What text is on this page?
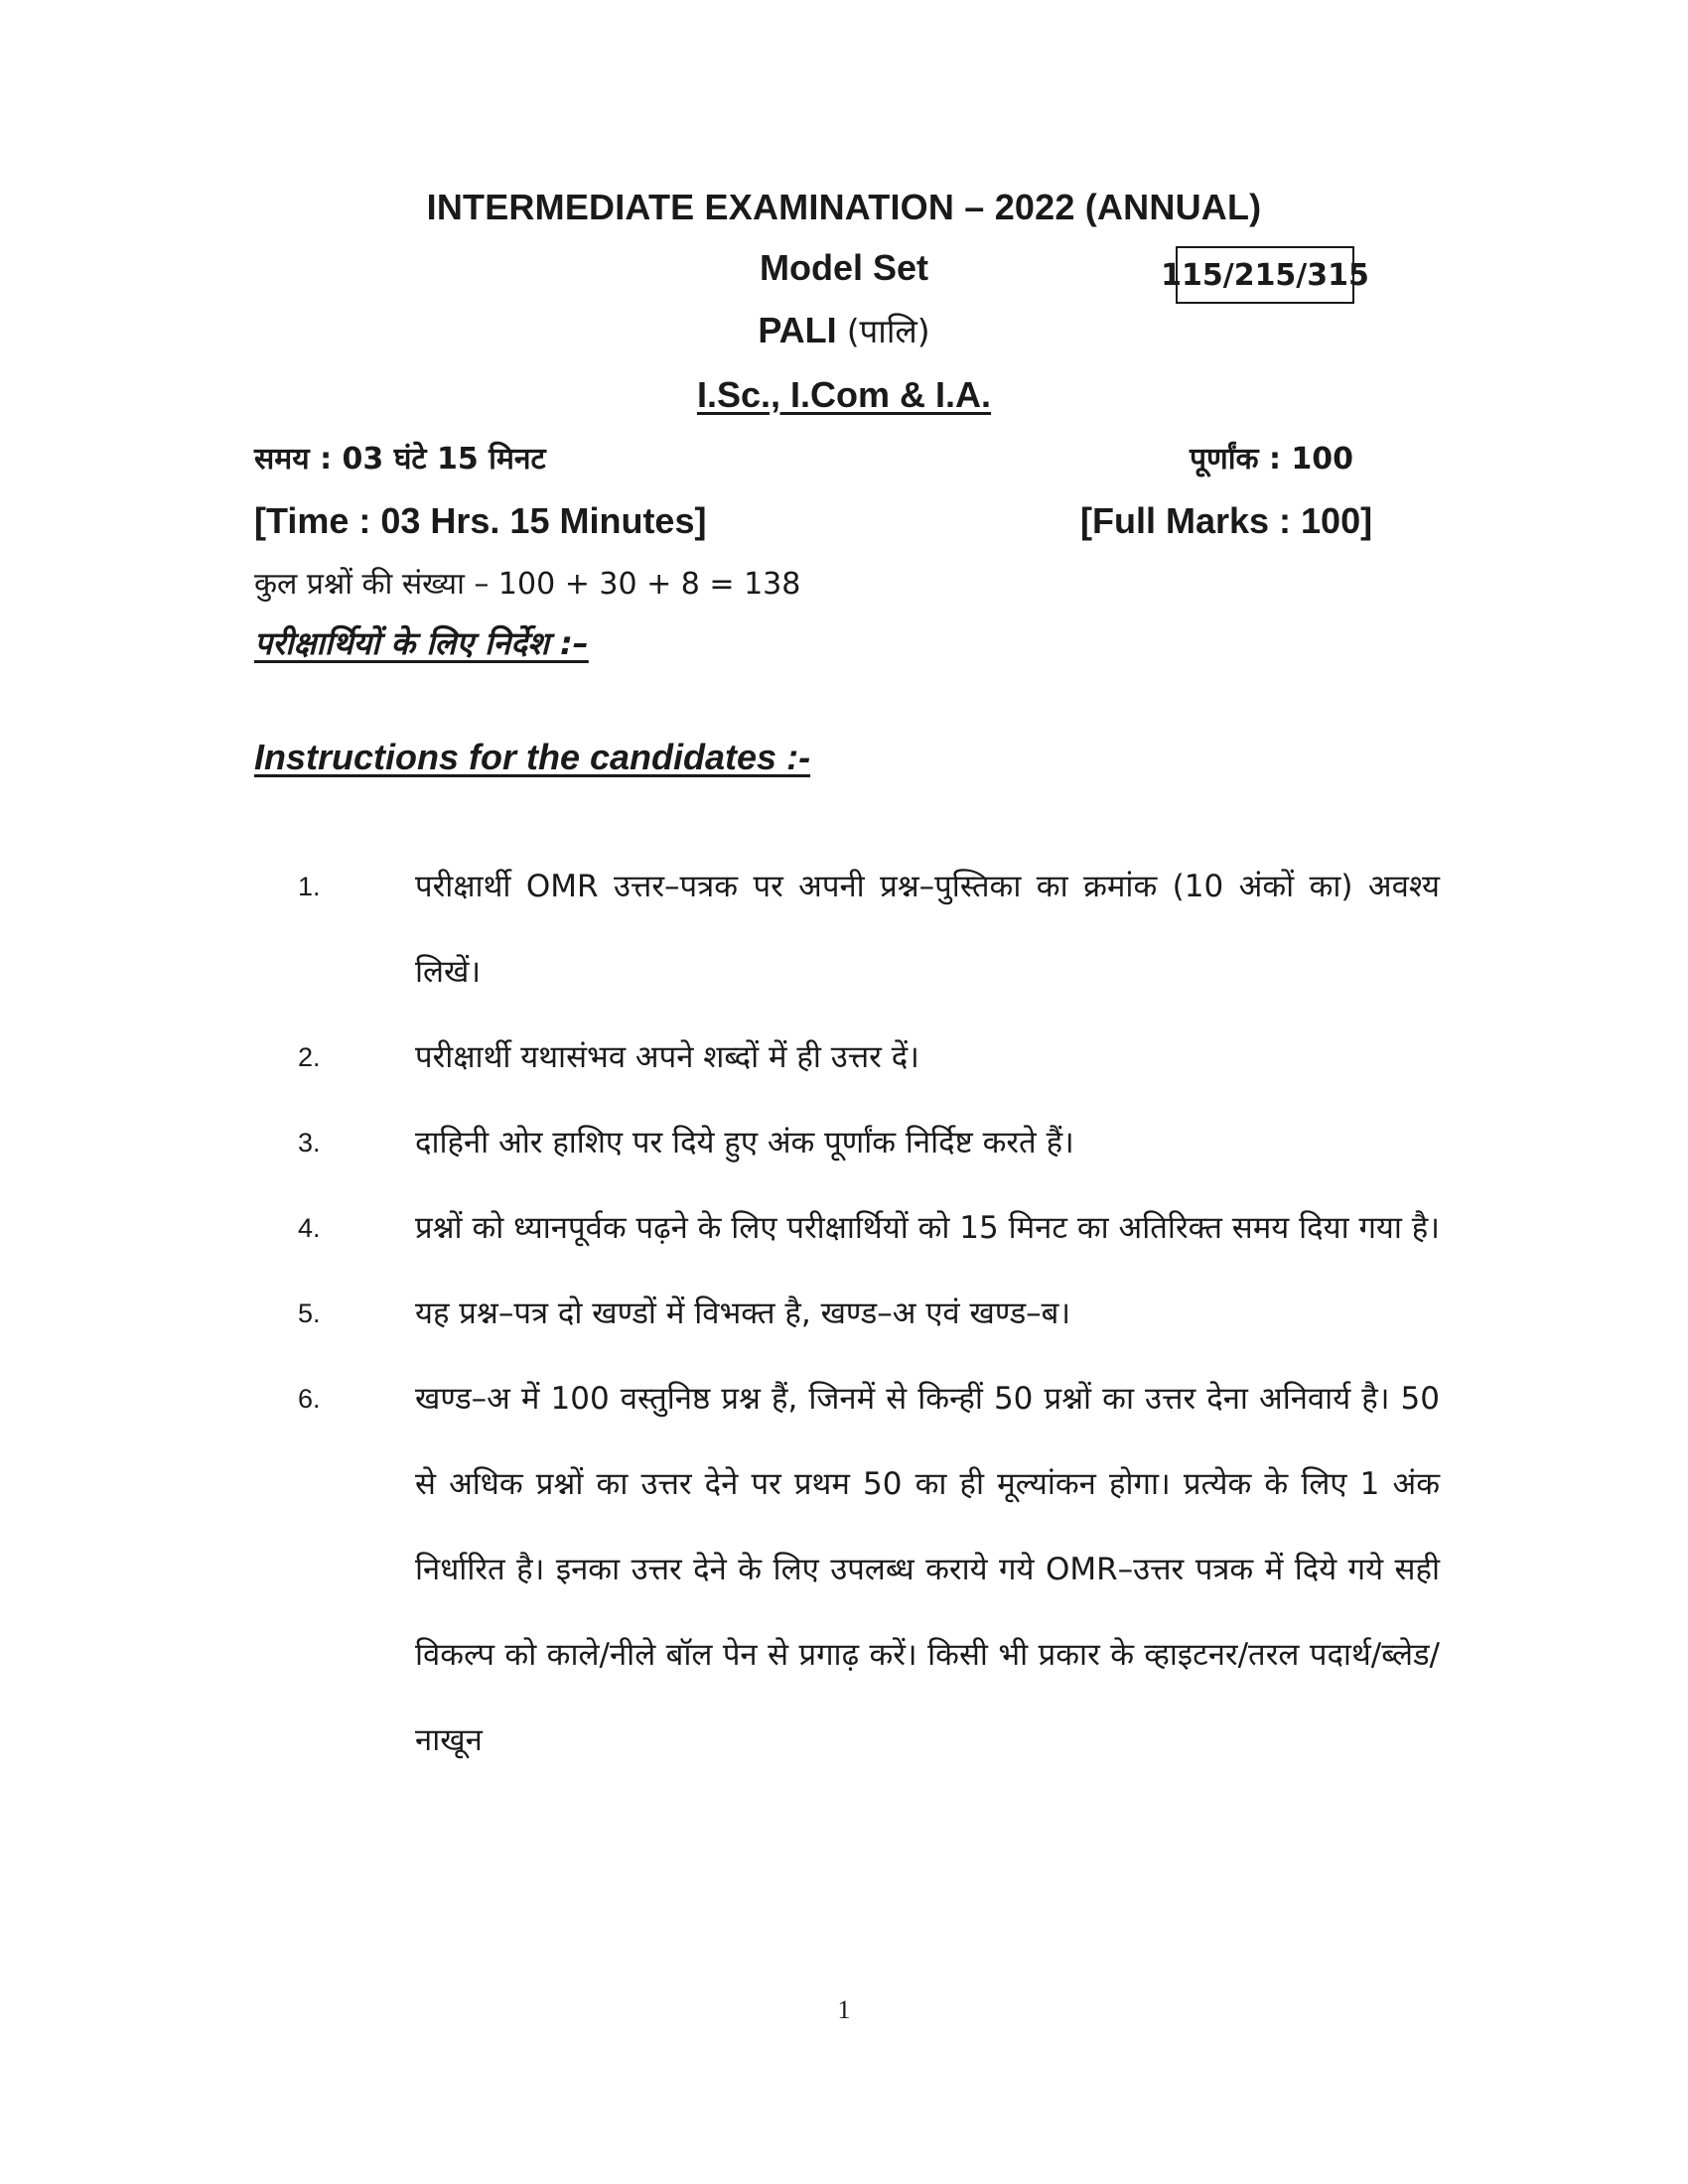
INTERMEDIATE EXAMINATION – 2022 (ANNUAL)
Model Set	115/215/315
PALI (पालि)
I.Sc., I.Com & I.A.
समय : 03 घंटे 15 मिनट	पूर्णांक : 100
[Time : 03 Hrs. 15 Minutes]	[Full Marks : 100]
कुल प्रश्नों की संख्या – 100 + 30 + 8 = 138
परीक्षार्थियों के लिए निर्देश :–
Instructions for the candidates :-
1.	परीक्षार्थी OMR उत्तर–पत्रक पर अपनी प्रश्न–पुस्तिका का क्रमांक (10 अंकों का) अवश्य लिखें।
2.	परीक्षार्थी यथासंभव अपने शब्दों में ही उत्तर दें।
3.	दाहिनी ओर हाशिए पर दिये हुए अंक पूर्णांक निर्दिष्ट करते हैं।
4.	प्रश्नों को ध्यानपूर्वक पढ़ने के लिए परीक्षार्थियों को 15 मिनट का अतिरिक्त समय दिया गया है।
5.	यह प्रश्न–पत्र दो खण्डों में विभक्त है, खण्ड–अ एवं खण्ड–ब।
6.	खण्ड–अ में 100 वस्तुनिष्ठ प्रश्न हैं, जिनमें से किन्हीं 50 प्रश्नों का उत्तर देना अनिवार्य है। 50 से अधिक प्रश्नों का उत्तर देने पर प्रथम 50 का ही मूल्यांकन होगा। प्रत्येक के लिए 1 अंक निर्धारित है। इनका उत्तर देने के लिए उपलब्ध कराये गये OMR–उत्तर पत्रक में दिये गये सही विकल्प को काले/नीले बॉल पेन से प्रगाढ़ करें। किसी भी प्रकार के व्हाइटनर/तरल पदार्थ/ब्लेड/नाखून
1
